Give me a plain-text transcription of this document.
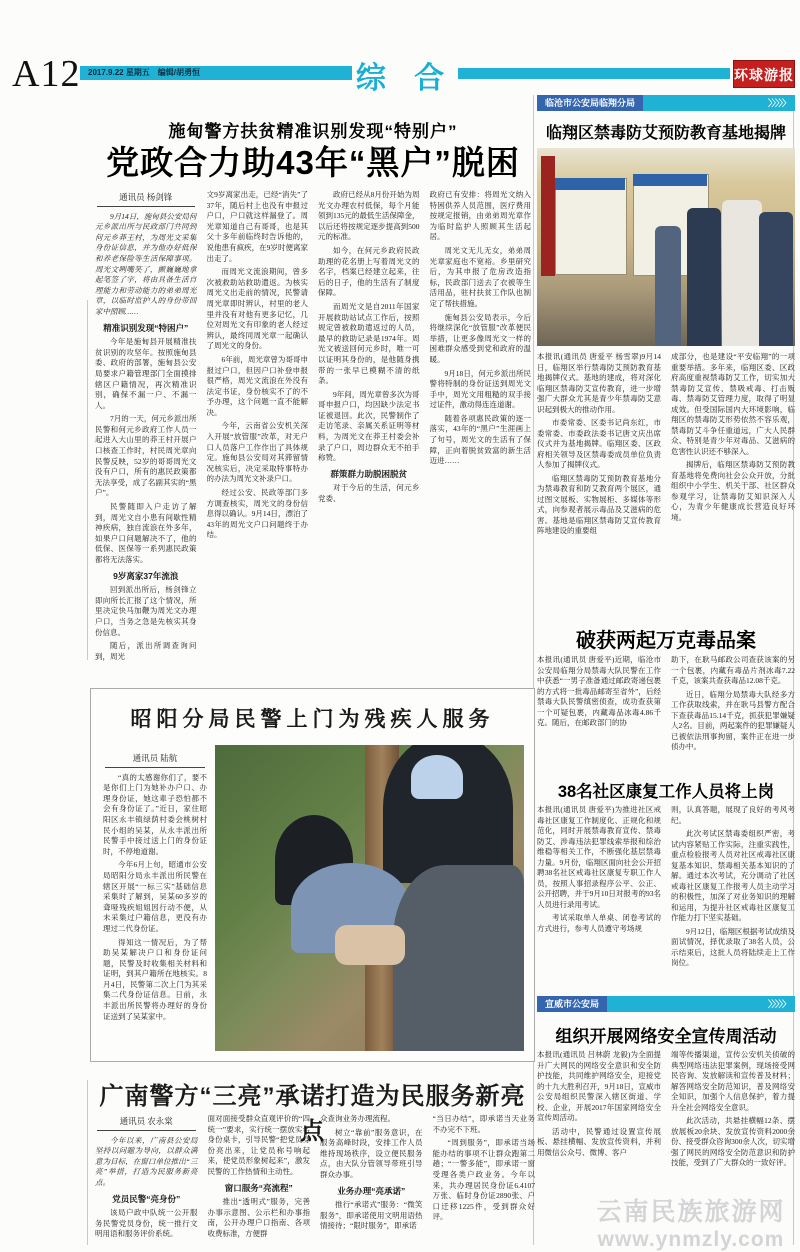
A12 2017.9.22 星期五　编辑/胡勇恒	综 合	环球游报
施甸警方扶贫精准识别发现“特别户”
党政合力助43年“黑户”脱困
通讯员 杨剑锋
9月14日，施甸县公安局何元乡派出所与民政部门共同到何元乡莽王村，为周光文采集身份证信息，并为他办好低保和养老保险等生活保障事项。周光文咧嘴笑了，颤巍巍地拿起笔签了字，将由具备生活自理能力和劳动能力的弟弟周光章，以临时监护人的身份带回家中照顾……
精准识别发现“特困户”
今年是施甸县开展精准扶贫识别的攻坚年。按照施甸县委、政府的部署，施甸县公安局要求户籍管理部门全面摸排辖区户籍情况，再次精准识别，确保不漏一户、不漏一人。
7月的一天，何元乡派出所民警和何元乡政府工作人员一起进入大山里的莽王村开展户口核查工作时，村民周光章向民警反映，52岁的哥哥周光文没有户口，所有的惠民政策都无法享受，成了名副其实的“黑户”。
民警随即入户走访了解到，周光文自小患有间歇性精神疾病，独自流浪在外多年，如果户口问题解决不了，他的低保、医保等一系列惠民政策都将无法落实。
9岁离家37年流浪
回到派出所后，杨剑锋立即向所长汇报了这个情况，所里决定快马加鞭为周光文办理户口，当务之急是先核实其身份信息。
随后，派出所调查询问到，周光
文9岁离家出走，已经“消失”了37年，随后村上也没有申报过户口，户口就这样漏登了。周光章知道自己有哥哥，也是其父十多年前临终时告诉他的，说他患有疯疾，在9岁时便离家出走了。
而周光文流浪期间，曾多次被救助站救助遣返。为核实周光文出走前的情况，民警请周光章即时辨认，村里的老人里并没有对他有更多记忆，几位对周光文有印象的老人经过辨认，最终同周光章一起确认了周光文的身份。
6年前，周光章曾为哥哥申报过户口，但因户口补登申报很严格，周光文流浪在外没有法定书证，身份核实不了的不予办理，这个问题一直不能解决。
今年，云南省公安机关深入开展“放管服”改革，对无户口人员落户工作作出了具体规定。施甸县公安局对其滞留情况核实后，决定采取特事特办的办法为周光文补录户口。
经过公安、民政等部门多方调查核实，周光文的身份信息得以确认。9月14日，漂泊了43年的周光文户口问题终于办结。
政府已经从8月份开始为周光文办理农村低保，每个月能领到135元的最低生活保障金，以后还将按规定逐步提高到500元的标准。
如今，在何元乡政府民政助理的花名册上写着周光文的名字，档案已经建立起来，往后的日子，他的生活有了制度保障。
而周光文是自2011年国家开展救助站试点工作后，按照规定曾被救助遣返过的人员，最早的救助记录是1974年。周光文被送回何元乡时，唯一可以证明其身份的，是他随身携带的一张早已模糊不清的纸条。
9年间，周光章曾多次为哥哥申报户口，均因缺少法定书证被退回。此次，民警制作了走访笔录、亲属关系证明等材料，为周光文在莽王村委会补录了户口，周边群众无不拍手称赞。
群策群力助脱困脱贫
对于今后的生活，何元乡党委、
政府已有安排：将周光文纳入特困供养人员范围，医疗费用按规定报销，由弟弟周光章作为临时监护人照顾其生活起居。
周光文无儿无女，弟弟周光章家庭也不宽裕。乡里研究后，为其申报了危房改造指标，民政部门送去了衣被等生活用品，驻村扶贫工作队也制定了帮扶措施。
施甸县公安局表示，今后将继续深化“放管服”改革便民举措，让更多像周光文一样的困难群众感受到党和政府的温暖。
9月18日，何元乡派出所民警将特制的身份证送到周光文手中，周光文用粗糙的双手接过证件，激动得连连道谢。
随着各项惠民政策的逐一落实，43年的“黑户”生涯画上了句号，周光文的生活有了保障，正向着脱贫致富的新生活迈进……
临沧市公安局临翔分局	〉〉〉〉〉
临翔区禁毒防艾预防教育基地揭牌
本报讯(通讯员 唐爱平 杨雪翠)9月14日，临翔区举行禁毒防艾预防教育基地揭牌仪式。基地的建成，将对深化临翔区禁毒防艾宣传教育，进一步增强广大群众尤其是青少年禁毒防艾意识起到极大的推动作用。
市委常委、区委书记尚东红，市委常委、市委政法委书记唐文庆出席仪式并为基地揭牌。临翔区委、区政府相关领导及区禁毒委成员单位负责人参加了揭牌仪式。
临翔区禁毒防艾预防教育基地分为禁毒教育和防艾教育两个展区，通过图文展板、实物展柜、多媒体等形式，向参观者展示毒品及艾滋病的危害。基地是临翔区禁毒防艾宣传教育阵地建设的重要组
成部分，也是建设“平安临翔”的一项重要举措。多年来，临翔区委、区政府高度重视禁毒防艾工作，切实加大禁毒防艾宣传、禁吸戒毒、打击贩毒、禁毒防艾管理力度，取得了明显成效。但受国际国内大环境影响，临翔区的禁毒防艾形势依然不容乐观，禁毒防艾斗争任重道远，广大人民群众、特别是青少年对毒品、艾滋病的危害性认识还不够深入。
揭牌后，临翔区禁毒防艾预防教育基地将免费向社会公众开放，分批组织中小学生、机关干部、社区群众参观学习，让禁毒防艾知识深入人心，为青少年健康成长营造良好环境。
破获两起万克毒品案
本报讯(通讯员 唐爱平)近期，临沧市公安局临翔分局禁毒大队民警在工作中获悉“一男子准备通过邮政寄递包裹的方式将一批毒品邮寄至省外”，后经禁毒大队民警缜密侦查，成功查获第一个可疑包裹，内藏毒品冰毒4.86千克。随后，在邮政部门的协
助下，在耿马邮政公司查获该案的另一个包裹，内藏有毒品片剂冰毒7.22千克，该案共查获毒品12.08千克。
近日，临翔分局禁毒大队经多方工作获取线索，并在耿马县警方配合下查获毒品15.14千克，抓获犯罪嫌疑人2名。目前，两起案件的犯罪嫌疑人已被依法刑事拘留，案件正在进一步侦办中。
38名社区康复工作人员将上岗
本报讯(通讯员 唐爱平)为推进社区戒毒社区康复工作制度化、正规化和规范化，同时开展禁毒教育宣传、禁毒防艾、涉毒违法犯罪线索举报和综治维稳等相关工作，不断强化基层禁毒力量。9月份，临翔区面向社会公开招聘38名社区戒毒社区康复专职工作人员，按照人事招录程序公平、公正、公开招聘，并于9月10日对报考的93名人员进行录用考试。
考试采取单人单桌、闭卷考试的方式进行，参考人员遵守考场规
则，认真答题，展现了良好的考风考纪。
此次考试区禁毒委组织严密，考试内容紧贴工作实际，注重实践性，重点检验报考人员对社区戒毒社区康复基本知识、禁毒相关基本知识的了解。通过本次考试，充分调动了社区戒毒社区康复工作报考人员主动学习的积极性，加深了对业务知识的理解和运用，为提升社区戒毒社区康复工作能力打下坚实基础。
9月12日，临翔区根据考试成绩及面试情况，择优录取了38名人员，公示结束后，这批人员将陆续走上工作岗位。
宣威市公安局	〉〉〉〉〉
组织开展网络安全宣传周活动
本报讯(通讯员 吕林蔚 龙毅)为全面提升广大网民的网络安全意识和安全防护技能，共同维护网络安全，迎接党的十九大胜利召开，9月18日，宣威市公安局组织民警深入辖区街道、学校、企业，开展2017年国家网络安全宣传周活动。
活动中，民警通过设置宣传展板、悬挂横幅、发放宣传资料，并利用微信公众号、微博、客户
端等传播渠道，宣传公安机关侦破的典型网络违法犯罪案例，现场接受网民咨询、发放解读和宣传普及材料；解答网络安全防范知识，普及网络安全知识，加强个人信息保护，着力提升全社会网络安全意识。
此次活动，共悬挂横幅12条、摆放展板20余块、发放宣传资料2000余份、接受群众咨询300余人次，切实增强了网民的网络安全防范意识和防护技能，受到了广大群众的一致好评。
昭阳分局民警上门为残疾人服务
通讯员 陆航
“真的太感谢你们了，要不是你们上门为她补办户口、办理身份证，她这辈子恐怕都不会有身份证了。”近日，家住昭阳区永丰镇绿荫村委会桃树村民小组的吴某，从永丰派出所民警手中接过送上门的身份证时，不停地道谢。
今年6月上旬，昭通市公安局昭阳分局永丰派出所民警在辖区开展“一标三实”基础信息采集时了解到，吴某60多岁的聋哑残疾姐姐因行动不便，从未采集过户籍信息，更没有办理过二代身份证。
得知这一情况后，为了帮助吴某解决户口和身份证问题，民警及时收集相关材料和证明，到其户籍所在地核实。8月4日，民警第二次上门为其采集二代身份证信息。日前，永丰派出所民警将办理好的身份证送到了吴某家中。
广南警方“三亮”承诺打造为民服务新亮点
通讯员 农永棠
今年以来，广南县公安局坚持以问题为导向，以群众满意为目标，在窗口单位推出“三亮”举措，打造为民服务新亮点。
党员民警“亮身份”
该局户政中队统一公开服务民警党员身份，统一推行文明用语和服务评价系统。
面对面接受群众直观评价的“四统一”要求，实行统一摆放实名身份桌卡，引导民警“把党员身份亮出来，让党员称号响起来，使党员形象树起来”，激发民警的工作热情和主动性。
窗口服务“亮流程”
推出“透明式”服务，完善办事示意图、公示栏和办事指南，公开办理户口指南、各项收费标准，方便群
众查询业务办理流程。
树立“靠前”服务意识，在服务高峰时段，安排工作人员维持现场秩序，设立便民服务点，由大队分管领导带班引导群众办事。
业务办理“亮承诺”
推行“承诺式”服务：“微笑服务”，即承诺使用文明用语热情接待；“限时服务”，即承诺
“当日办结”，即承诺当天业务不办完不下班。
“周到服务”，即承诺当场能办结的事项不让群众跑第二趟；“一警多能”，即承诺一窗受理各类户政业务。今年以来，共办理居民身份证6.4107万张、临时身份证2890张、户口迁移1225件，受到群众好评。	云南民族旅游网
www.ynmzly.com
